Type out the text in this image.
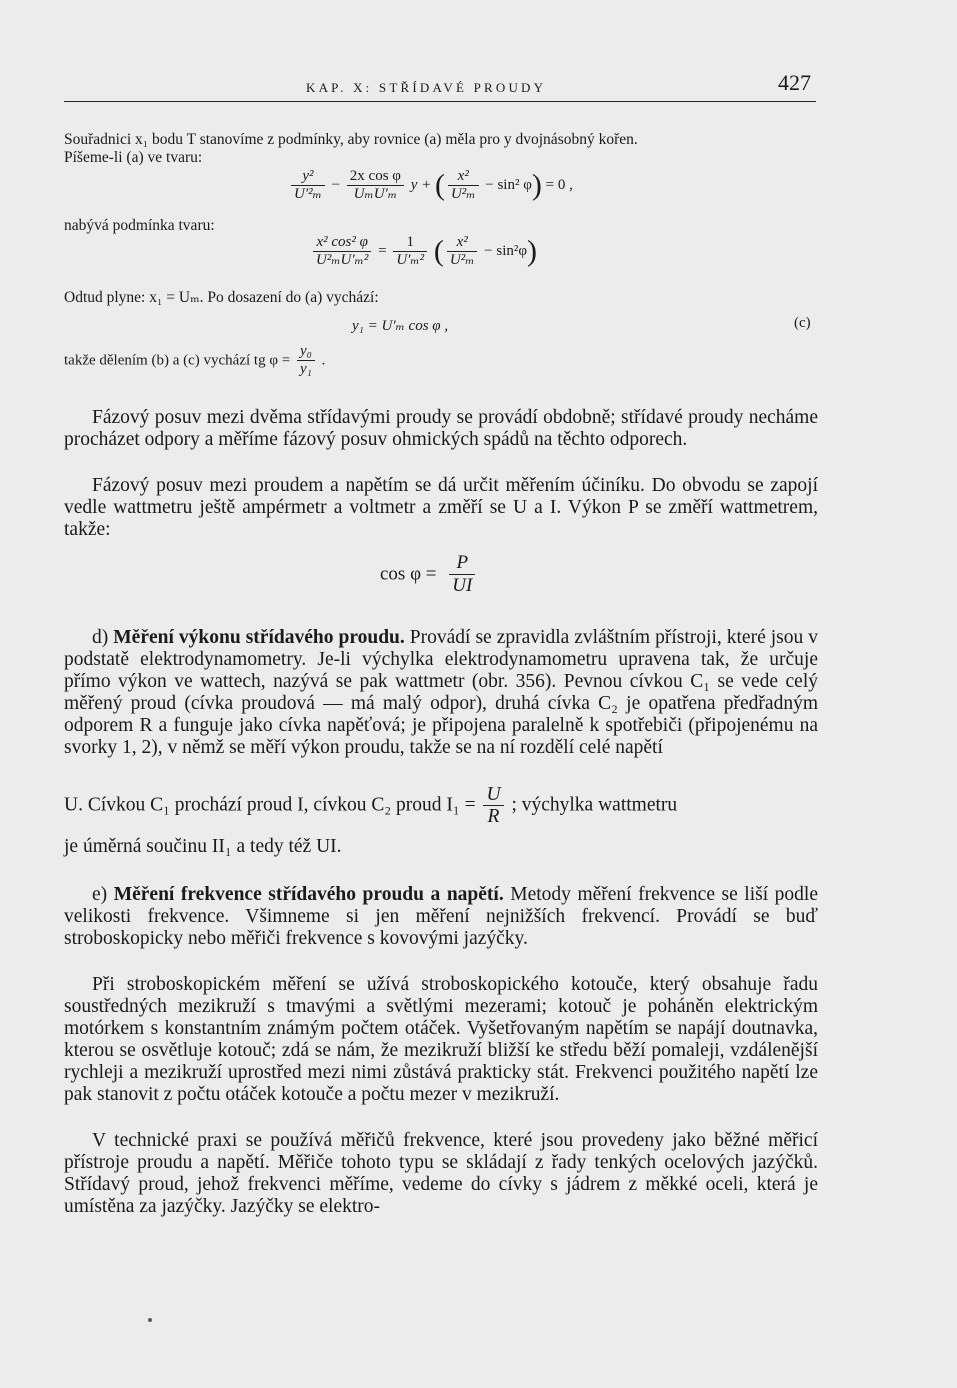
KAP. X: STŘÍDAVÉ PROUDY	427
Souřadnici x₁ bodu T stanovíme z podmínky, aby rovnice (a) měla pro y dvojnásobný kořen.
Píšeme-li (a) ve tvaru:
$\frac{\text{y²}}{\text{U′²ₘ}} - \frac{\text{2x cos φ}}{\text{UₘU′ₘ}}$ y + ( $\frac{\text{x²}}{\text{U²ₘ}} - \sin^2$ φ) = 0 ,
nabývá podmínka tvaru:
$\frac{\text{x² cos² φ}}{\text{U²ₘU′ₘ²}} = \frac{1}{\text{U′ₘ²}}$ ( $\frac{\text{x²}}{\text{U²ₘ}} - \sin^2\varphi$)
Odtud plyne: x₁ = Uₘ. Po dosazení do (a) vychází:
y₁ = U′ₘ cos φ ,	(c)
takže dělením (b) a (c) vychází tg $\varphi = \frac{\text{y₀}}{\text{y₁}}$ .
Fázový posuv mezi dvěma střídavými proudy se provádí obdobně; střídavé proudy necháme procházet odpory a měříme fázový posuv ohmických spádů na těchto odporech.
Fázový posuv mezi proudem a napětím se dá určit měřením účiníku. Do obvodu se zapojí vedle wattmetru ještě ampérmetr a voltmetr a změří se U a I. Výkon P se změří wattmetrem, takže:
$\cos \varphi = \frac{P}{UI}$
d) Měření výkonu střídavého proudu. Provádí se zpravidla zvláštním přístroji, které jsou v podstatě elektrodynamometry. Je-li výchylka elektrodynamometru upravena tak, že určuje přímo výkon ve wattech, nazývá se pak wattmetr (obr. 356). Pevnou cívkou C₁ se vede celý měřený proud (cívka proudová — má malý odpor), druhá cívka C₂ je opatřena předřadným odporem R a funguje jako cívka napěťová; je připojena paralelně k spotřebiči (připojenému na svorky 1, 2), v němž se měří výkon proudu, takže se na ní rozdělí celé napětí
U. Cívkou C₁ prochází proud I, cívkou C₂ proud $I_1 = \frac{U}{R}$ ; výchylka wattmetru
je úměrná součinu II₁ a tedy též UI.
e) Měření frekvence střídavého proudu a napětí. Metody měření frekvence se liší podle velikosti frekvence. Všimneme si jen měření nejnižších frekvencí. Provádí se buď stroboskopicky nebo měřiči frekvence s kovovými jazýčky.
Při stroboskopickém měření se užívá stroboskopického kotouče, který obsahuje řadu soustředných mezikruží s tmavými a světlými mezerami; kotouč je poháněn elektrickým motórkem s konstantním známým počtem otáček. Vyšetřovaným napětím se napájí doutnavka, kterou se osvětluje kotouč; zdá se nám, že mezikruží bližší ke středu běží pomaleji, vzdálenější rychleji a mezikruží uprostřed mezi nimi zůstává prakticky stát. Frekvenci použitého napětí lze pak stanovit z počtu otáček kotouče a počtu mezer v mezikruží.
V technické praxi se používá měřičů frekvence, které jsou provedeny jako běžné měřicí přístroje proudu a napětí. Měřiče tohoto typu se skládají z řady tenkých ocelových jazýčků. Střídavý proud, jehož frekvenci měříme, vedeme do cívky s jádrem z měkké oceli, která je umístěna za jazýčky. Jazýčky se elektro-
